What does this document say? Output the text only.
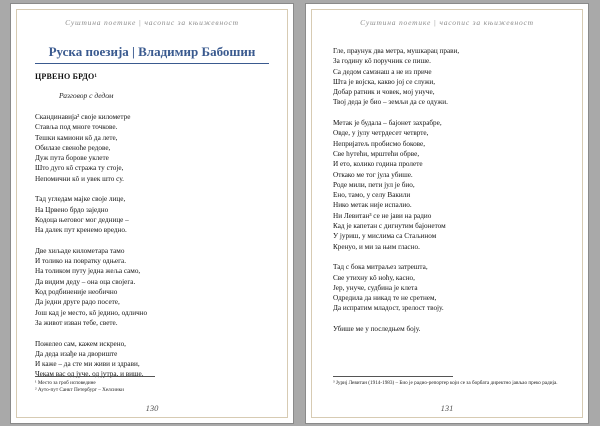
Суштина поетике | часопис за књижевност
Руска поезија | Владимир Бабошин
ЦРВЕНО БРДО¹
Разговор с дедом
Скандинавија² своје километре
Ставља под многе точкове.
Тешки камиони кô да лете,
Обилазе свеноће редове,
Дуж пута борове уклете
Што дуго кô стража ту стоје,
Непомични кô и увек што су.
Тад угледам мајке своје лице,
На Црвено брдо заједно
Кодоца његовог мог деднице –
На далек пут кренемо вредно.
Две хиљаде километара тамо
И толико на повратку одњега.
На толиком путу једна жеља само,
Да видим деду – она оца својега.
Код родбиненије необично
Да једни друге радо посете,
Још кад је место, кô једино, одлично
За живот изван тебе, свете.
Пожелео сам, кажем искрено,
Да деда изађе на двориште
И каже – да сте ми живи и здрави,
Чекам вас од јуче, од јутра, и више.
¹ Место за гроб исповедине
² Ауто-пут Санкт Петербург – Хелсинки
130
Суштина поетике | часопис за књижевност
Гле, праунук два метра, мушкарац прави,
За годину кô поручник се пише.
Са дедом самзнаш а не из приче
Шта је војска, какво јој се служи,
Добар ратник и човек, мој унуче,
Твој деда је био – земљи да се одужи.
Метак је будала – бајонет захрабре,
Овде, у јулу четрдесет четврте,
Непријатељ пробисмо бокове,
Све hутећи, мрштећи обрве,
И ето, колико година пролете
Откако ме тог јула убише.
Роде мили, пети јул је био,
Ено, тамо, у селу Вакили
Нико метак није испалио.
Ни Левитан³ се не јави на радио
Кад је капетан с дигнутим бајонетом
У јуриш, у мислима са Стаљином
Кренуо, и ми за њим гласно.
Тад с бока митраљез затрешта,
Све утихну кô ноћу, касно,
Јер, унуче, судбина је клета
Одредила да никад те не сретнем,
Да испратим младост, зрелост твоју.
Убише ме у последњем боју.
³ Јуриј Левитан (1914-1983) – Био је радио-репортер који се за борбата директно јављао преко радија.
131
